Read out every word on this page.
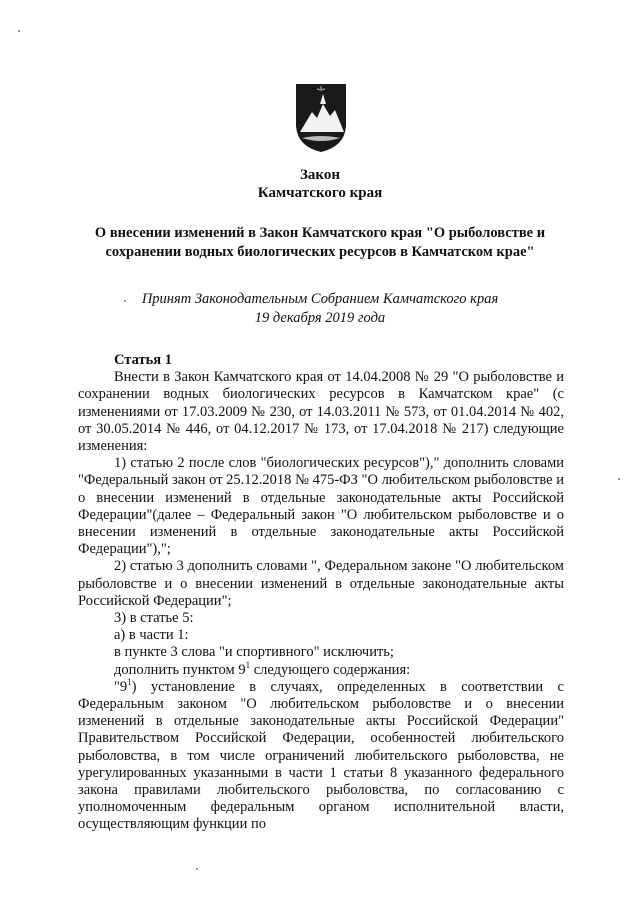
Закон
Камчатского края
О внесении изменений в Закон Камчатского края "О рыболовстве и
сохранении водных биологических ресурсов в Камчатском крае"
Принят Законодательным Собранием Камчатского края
19 декабря 2019 года

Статья 1

Внести в Закон Камчатского края от 14.04.2008 № 29 "О рыболовстве и сохранении водных биологических ресурсов в Камчатском крае" (с изменениями от 17.03.2009 № 230, от 14.03.2011 № 573, от 01.04.2014 № 402, от 30.05.2014 № 446, от 04.12.2017 № 173, от 17.04.2018 № 217) следующие изменения:

1) статью 2 после слов "биологических ресурсов")," дополнить словами "Федеральный закон от 25.12.2018 № 475-ФЗ "О любительском рыболовстве и о внесении изменений в отдельные законодательные акты Российской Федерации"(далее – Федеральный закон "О любительском рыболовстве и о внесении изменений в отдельные законодательные акты Российской Федерации"),";

2) статью 3 дополнить словами ", Федеральном законе "О любительском рыболовстве и о внесении изменений в отдельные законодательные акты Российской Федерации";

3) в статье 5:

а) в части 1:

в пункте 3 слова "и спортивного" исключить;

дополнить пунктом $9^1$ следующего содержания:

"$9^1$) установление в случаях, определенных в соответствии с Федеральным законом "О любительском рыболовстве и о внесении изменений в отдельные законодательные акты Российской Федерации" Правительством Российской Федерации, особенностей любительского рыболовства, в том числе ограничений любительского рыболовства, не урегулированных указанными в части 1 статьи 8 указанного федерального закона правилами любительского рыболовства, по согласованию с уполномоченным федеральным органом исполнительной власти, осуществляющим функции по
